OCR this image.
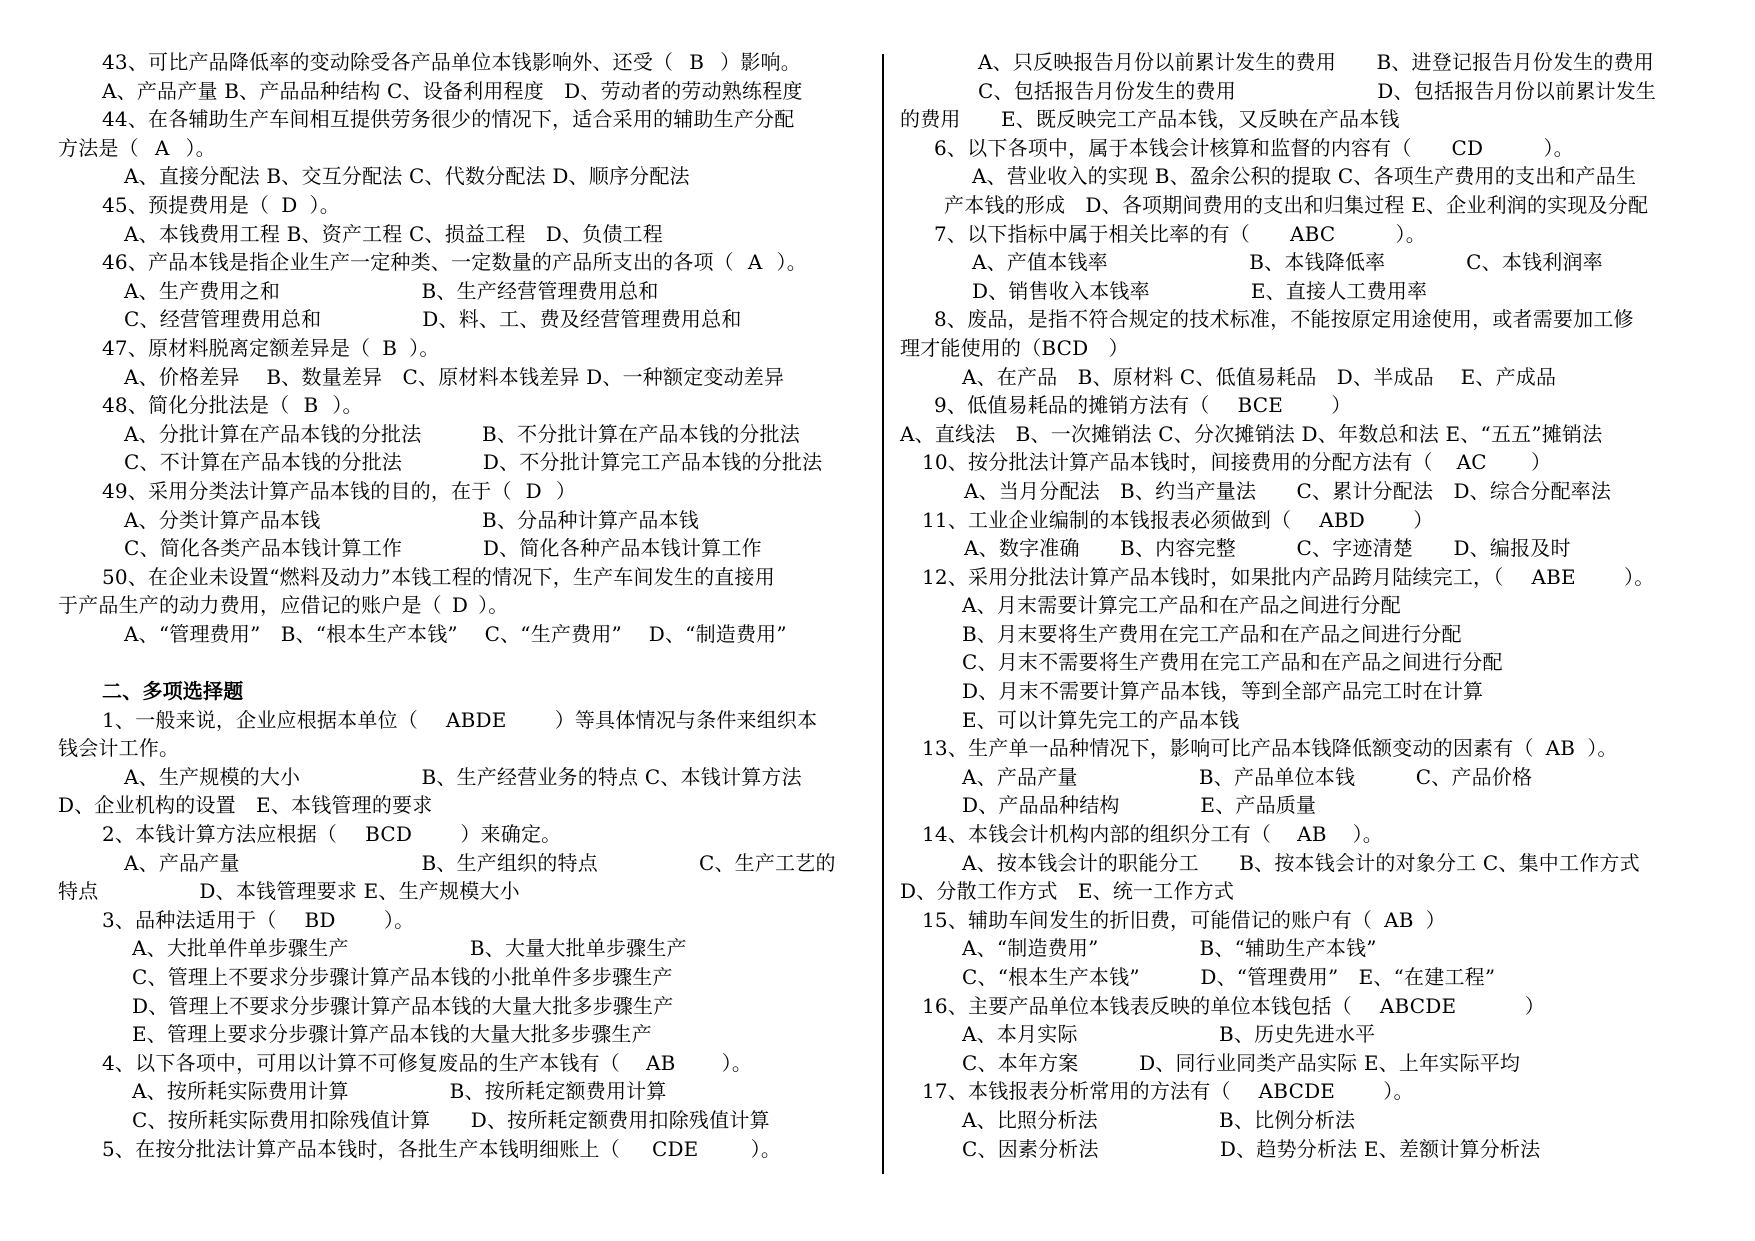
43、可比产品降低率的变动除受各产品单位本钱影响外、还受（ B ）影响。
A、产品产量 B、产品品种结构 C、设备利用程度　D、劳动者的劳动熟练程度
44、在各辅助生产车间相互提供劳务很少的情况下，适合采用的辅助生产分配
方法是（ A ）。
A、直接分配法 B、交互分配法 C、代数分配法 D、顺序分配法
45、预提费用是（ D ）。
A、本钱费用工程 B、资产工程 C、损益工程　D、负债工程
46、产品本钱是指企业生产一定种类、一定数量的产品所支出的各项（ A ）。
A、生产费用之和　　　　　　　B、生产经营管理费用总和
C、经营管理费用总和　　　　　D、料、工、费及经营管理费用总和
47、原材料脱离定额差异是（ B ）。
A、价格差异　 B、数量差异　C、原材料本钱差异 D、一种额定变动差异
48、简化分批法是（ B ）。
A、分批计算在产品本钱的分批法　　　B、不分批计算在产品本钱的分批法
C、不计算在产品本钱的分批法　　　　D、不分批计算完工产品本钱的分批法
49、采用分类法计算产品本钱的目的，在于（ D ）
A、分类计算产品本钱　　　　　　　　B、分品种计算产品本钱
C、简化各类产品本钱计算工作　　　　D、简化各种产品本钱计算工作
50、在企业未设置“燃料及动力”本钱工程的情况下，生产车间发生的直接用
于产品生产的动力费用，应借记的账户是（ D ）。
A、“管理费用”　B、“根本生产本钱”　 C、“生产费用”　 D、“制造费用”
二、多项选择题
1、一般来说，企业应根据本单位（ ABDE　）等具体情况与条件来组织本
钱会计工作。
A、生产规模的大小　　　　　　B、生产经营业务的特点 C、本钱计算方法
D、企业机构的设置　E、本钱管理的要求
2、本钱计算方法应根据（ BCD　）来确定。
A、产品产量　　　　　　　　　B、生产组织的特点　　　　　C、生产工艺的
特点　　　　　D、本钱管理要求 E、生产规模大小
3、品种法适用于（ BD　）。
A、大批单件单步骤生产　　　　　　B、大量大批单步骤生产
C、管理上不要求分步骤计算产品本钱的小批单件多步骤生产
D、管理上不要求分步骤计算产品本钱的大量大批多步骤生产
E、管理上要求分步骤计算产品本钱的大量大批多步骤生产
4、以下各项中，可用以计算不可修复废品的生产本钱有（ AB　）。
A、按所耗实际费用计算　　　　　B、按所耗定额费用计算
C、按所耗实际费用扣除残值计算　　D、按所耗定额费用扣除残值计算
5、在按分批法计算产品本钱时，各批生产本钱明细账上（ CDE　）。
A、只反映报告月份以前累计发生的费用　　B、进登记报告月份发生的费用
C、包括报告月份发生的费用　　　　　　　D、包括报告月份以前累计发生
的费用　　E、既反映完工产品本钱，又反映在产品本钱
6、以下各项中，属于本钱会计核算和监督的内容有（ CD　）。
A、营业收入的实现 B、盈余公积的提取 C、各项生产费用的支出和产品生
产本钱的形成　D、各项期间费用的支出和归集过程 E、企业利润的实现及分配
7、以下指标中属于相关比率的有（ ABC　）。
A、产值本钱率　　　　　　　B、本钱降低率　　　　C、本钱利润率
D、销售收入本钱率　　　　　E、直接人工费用率
8、废品，是指不符合规定的技术标准，不能按原定用途使用，或者需要加工修
理才能使用的（BCD　）
A、在产品　B、原材料 C、低值易耗品　D、半成品　 E、产成品
9、低值易耗品的摊销方法有（ BCE　）
A、直线法　B、一次摊销法 C、分次摊销法 D、年数总和法 E、“五五”摊销法
10、按分批法计算产品本钱时，间接费用的分配方法有（ AC　）
A、当月分配法　B、约当产量法　　C、累计分配法　D、综合分配率法
11、工业企业编制的本钱报表必须做到（ ABD　）
A、数字准确　　B、内容完整　　　C、字迹清楚　　D、编报及时
12、采用分批法计算产品本钱时，如果批内产品跨月陆续完工，（ ABE　）。
A、月末需要计算完工产品和在产品之间进行分配
B、月末要将生产费用在完工产品和在产品之间进行分配
C、月末不需要将生产费用在完工产品和在产品之间进行分配
D、月末不需要计算产品本钱，等到全部产品完工时在计算
E、可以计算先完工的产品本钱
13、生产单一品种情况下，影响可比产品本钱降低额变动的因素有（ AB ）。
A、产品产量　　　　　　B、产品单位本钱　　　C、产品价格
D、产品品种结构　　　　E、产品质量
14、本钱会计机构内部的组织分工有（ AB ）。
A、按本钱会计的职能分工　　B、按本钱会计的对象分工 C、集中工作方式
D、分散工作方式　E、统一工作方式
15、辅助车间发生的折旧费，可能借记的账户有（ AB ）
A、“制造费用”　　　　　B、“辅助生产本钱”
C、“根本生产本钱”　　　D、“管理费用”　E、“在建工程”
16、主要产品单位本钱表反映的单位本钱包括（ ABCDE　　）
A、本月实际　　　　　　　B、历史先进水平
C、本年方案　　　D、同行业同类产品实际 E、上年实际平均
17、本钱报表分析常用的方法有（ ABCDE　）。
A、比照分析法　　　　　　B、比例分析法
C、因素分析法　　　　　　D、趋势分析法 E、差额计算分析法
